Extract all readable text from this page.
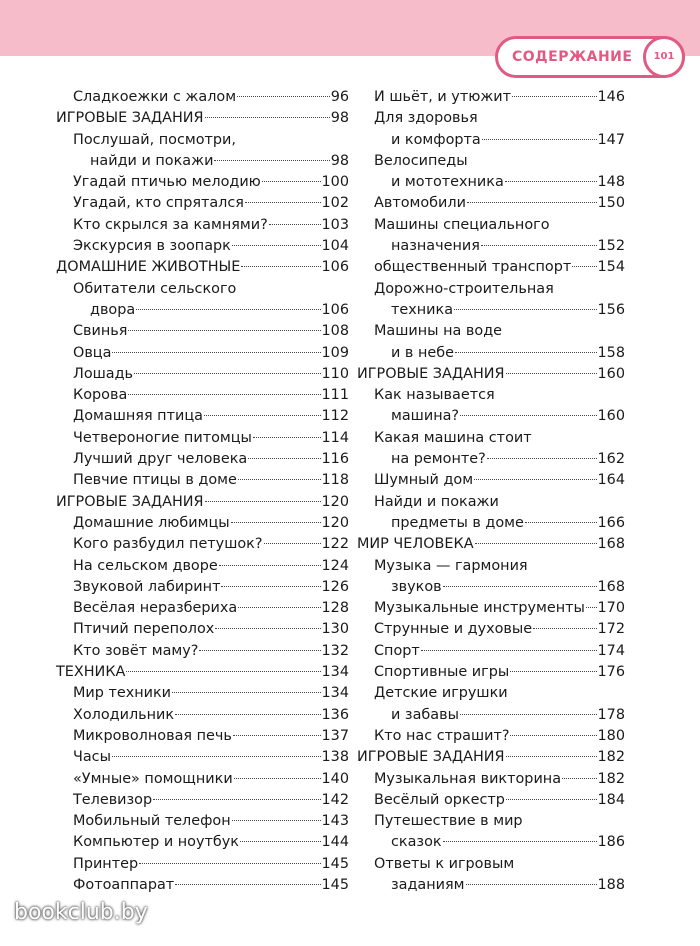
СОДЕРЖАНИЕ	101
Сладкоежки с жалом	96
ИГРОВЫЕ ЗАДАНИЯ	98
Послушай, посмотри,
найди и покажи	98
Угадай птичью мелодию	100
Угадай, кто спрятался	102
Кто скрылся за камнями?	103
Экскурсия в зоопарк	104
ДОМАШНИЕ ЖИВОТНЫЕ	106
Обитатели сельского
двора	106
Свинья	108
Овца	109
Лошадь	110
Корова	111
Домашняя птица	112
Четвероногие питомцы	114
Лучший друг человека	116
Певчие птицы в доме	118
ИГРОВЫЕ ЗАДАНИЯ	120
Домашние любимцы	120
Кого разбудил петушок?	122
На сельском дворе	124
Звуковой лабиринт	126
Весёлая неразбериха	128
Птичий переполох	130
Кто зовёт маму?	132
ТЕХНИКА	134
Мир техники	134
Холодильник	136
Микроволновая печь	137
Часы	138
«Умные» помощники	140
Телевизор	142
Мобильный телефон	143
Компьютер и ноутбук	144
Принтер	145
Фотоаппарат	145
И шьёт, и утюжит	146
Для здоровья
и комфорта	147
Велосипеды
и мототехника	148
Автомобили	150
Машины специального
назначения	152
общественный транспорт 154
Дорожно-строительная
техника	156
Машины на воде
и в небе	158
ИГРОВЫЕ ЗАДАНИЯ	160
Как называется
машина?	160
Какая машина стоит
на ремонте?	162
Шумный дом	164
Найди и покажи
предметы в доме	166
МИР ЧЕЛОВЕКА	168
Музыка — гармония
звуков	168
Музыкальные инструменты 170
Струнные и духовые	172
Спорт	174
Спортивные игры	176
Детские игрушки
и забавы	178
Кто нас страшит?	180
ИГРОВЫЕ ЗАДАНИЯ	182
Музыкальная викторина	182
Весёлый оркестр	184
Путешествие в мир
сказок	186
Ответы к игровым
заданиям	188
bookclub.by
